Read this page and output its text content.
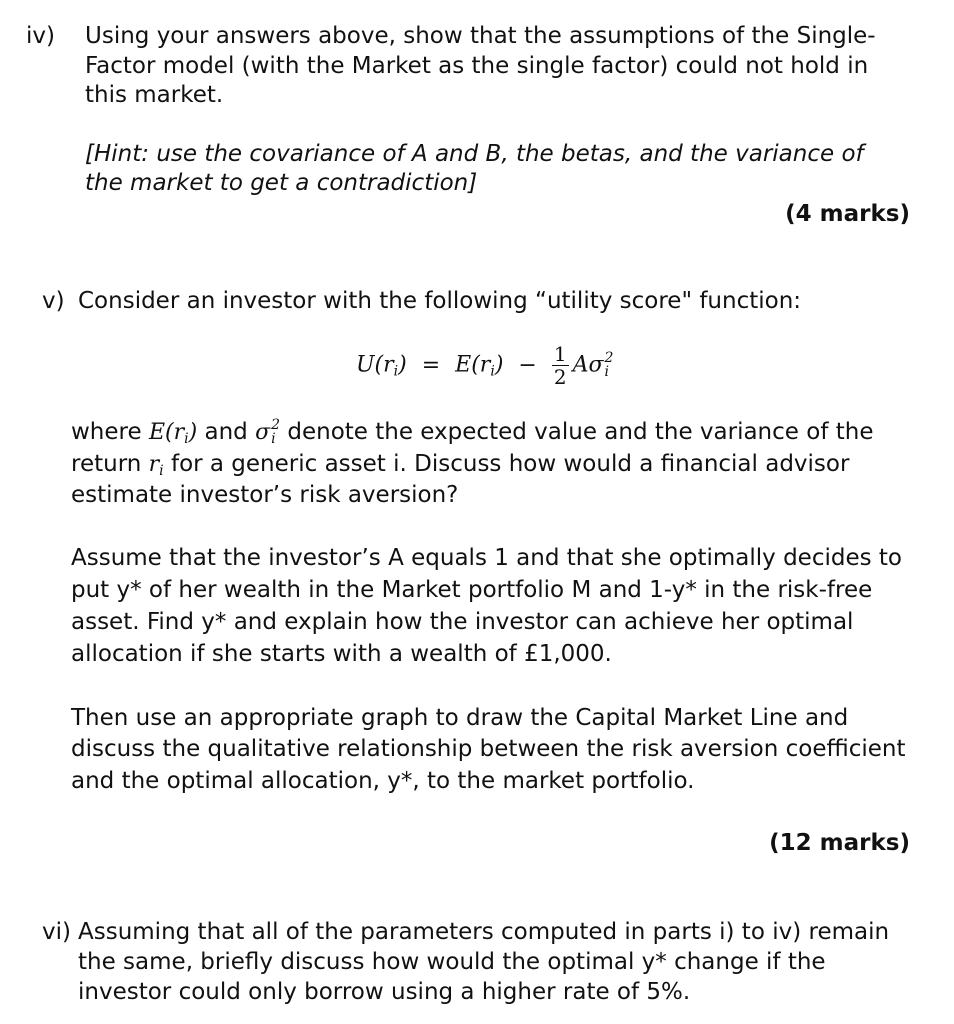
iv) Using your answers above, show that the assumptions of the Single-
Factor model (with the Market as the single factor) could not hold in
this market.
[Hint: use the covariance of A and B, the betas, and the variance of
the market to get a contradiction]
(4 marks)
v) Consider an investor with the following “utility score" function:
$U(r_i) = E(r_i) - \frac{1}{2}$ Aσ 2
i
where $E(r_i)$ and σ 2
i denote the expected value and the variance of the
return $r_i$ for a generic asset i. Discuss how would a financial advisor
estimate investor’s risk aversion?
Assume that the investor’s A equals 1 and that she optimally decides to
put y* of her wealth in the Market portfolio M and 1-y* in the risk-free
asset. Find y* and explain how the investor can achieve her optimal
allocation if she starts with a wealth of £1,000.
Then use an appropriate graph to draw the Capital Market Line and
discuss the qualitative relationship between the risk aversion coefficient
and the optimal allocation, y*, to the market portfolio.
(12 marks)
vi) Assuming that all of the parameters computed in parts i) to iv) remain
the same, briefly discuss how would the optimal y* change if the
investor could only borrow using a higher rate of 5%.
